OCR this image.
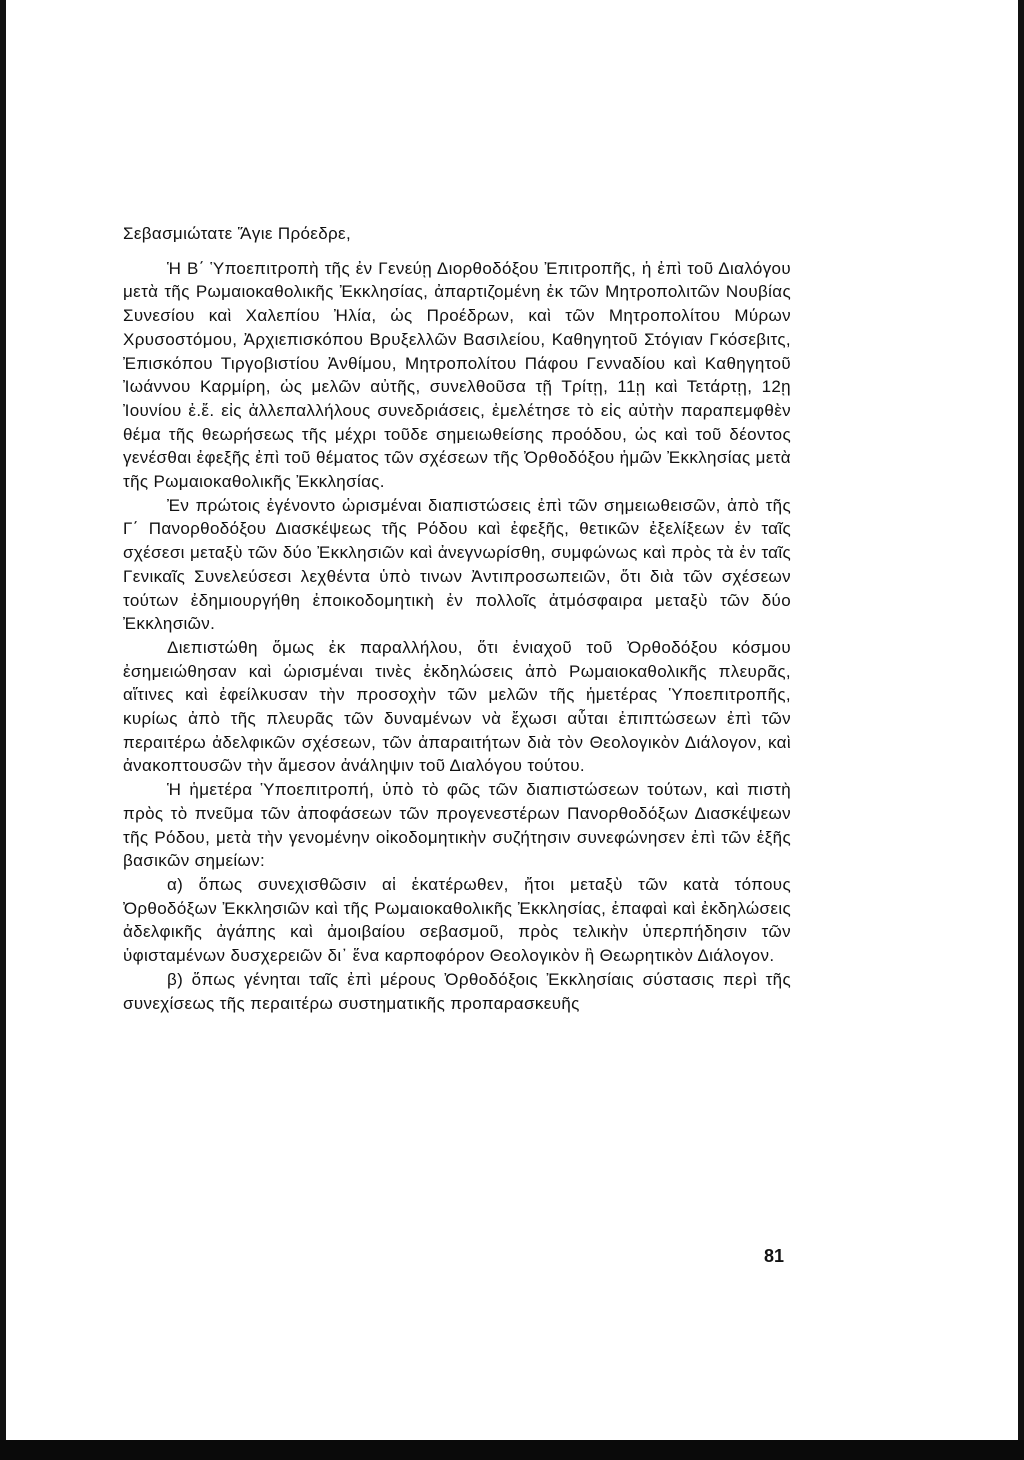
Σεβασμιώτατε Ἅγιε Πρόεδρε,

Ἡ Β΄ Ὑποεπιτροπὴ τῆς ἐν Γενεύῃ Διορθοδόξου Ἐπιτροπῆς, ἡ ἐπὶ τοῦ Διαλόγου μετὰ τῆς Ρωμαιοκαθολικῆς Ἐκκλησίας, ἀπαρτιζομένη ἐκ τῶν Μητροπολιτῶν Νουβίας Συνεσίου καὶ Χαλεπίου Ἠλία, ὡς Προέδρων, καὶ τῶν Μητροπολίτου Μύρων Χρυσοστόμου, Ἀρχιεπισκόπου Βρυξελλῶν Βασιλείου, Καθηγητοῦ Στόγιαν Γκόσεβιτς, Ἐπισκόπου Τιργοβιστίου Ἀνθίμου, Μητροπολίτου Πάφου Γενναδίου καὶ Καθηγητοῦ Ἰωάννου Καρμίρη, ὡς μελῶν αὐτῆς, συνελθοῦσα τῇ Τρίτῃ, 11ῃ καὶ Τετάρτῃ, 12ῃ Ἰουνίου ἐ.ἔ. εἰς ἀλλεπαλλήλους συνεδριάσεις, ἐμελέτησε τὸ εἰς αὐτὴν παραπεμφθὲν θέμα τῆς θεωρήσεως τῆς μέχρι τοῦδε σημειωθείσης προόδου, ὡς καὶ τοῦ δέοντος γενέσθαι ἐφεξῆς ἐπὶ τοῦ θέματος τῶν σχέσεων τῆς Ὀρθοδόξου ἡμῶν Ἐκκλησίας μετὰ τῆς Ρωμαιοκαθολικῆς Ἐκκλησίας.

Ἐν πρώτοις ἐγένοντο ὡρισμέναι διαπιστώσεις ἐπὶ τῶν σημειωθεισῶν, ἀπὸ τῆς Γ΄ Πανορθοδόξου Διασκέψεως τῆς Ρόδου καὶ ἐφεξῆς, θετικῶν ἐξελίξεων ἐν ταῖς σχέσεσι μεταξὺ τῶν δύο Ἐκκλησιῶν καὶ ἀνεγνωρίσθη, συμφώνως καὶ πρὸς τὰ ἐν ταῖς Γενικαῖς Συνελεύσεσι λεχθέντα ὑπὸ τινων Ἀντιπροσωπειῶν, ὅτι διὰ τῶν σχέσεων τούτων ἐδημιουργήθη ἐποικοδομητικὴ ἐν πολλοῖς ἀτμόσφαιρα μεταξὺ τῶν δύο Ἐκκλησιῶν.

Διεπιστώθη ὅμως ἐκ παραλλήλου, ὅτι ἐνιαχοῦ τοῦ Ὀρθοδόξου κόσμου ἐσημειώθησαν καὶ ὡρισμέναι τινὲς ἐκδηλώσεις ἀπὸ Ρωμαιοκαθολικῆς πλευρᾶς, αἵτινες καὶ ἐφείλκυσαν τὴν προσοχὴν τῶν μελῶν τῆς ἡμετέρας Ὑποεπιτροπῆς, κυρίως ἀπὸ τῆς πλευρᾶς τῶν δυναμένων νὰ ἔχωσι αὗται ἐπιπτώσεων ἐπὶ τῶν περαιτέρω ἀδελφικῶν σχέσεων, τῶν ἀπαραιτήτων διὰ τὸν Θεολογικὸν Διάλογον, καὶ ἀνακοπτουσῶν τὴν ἄμεσον ἀνάληψιν τοῦ Διαλόγου τούτου.

Ἡ ἡμετέρα Ὑποεπιτροπή, ὑπὸ τὸ φῶς τῶν διαπιστώσεων τούτων, καὶ πιστὴ πρὸς τὸ πνεῦμα τῶν ἀποφάσεων τῶν προγενεστέρων Πανορθοδόξων Διασκέψεων τῆς Ρόδου, μετὰ τὴν γενομένην οἰκοδομητικὴν συζήτησιν συνεφώνησεν ἐπὶ τῶν ἑξῆς βασικῶν σημείων:

α) ὅπως συνεχισθῶσιν αἱ ἑκατέρωθεν, ἤτοι μεταξὺ τῶν κατὰ τόπους Ὀρθοδόξων Ἐκκλησιῶν καὶ τῆς Ρωμαιοκαθολικῆς Ἐκκλησίας, ἐπαφαὶ καὶ ἐκδηλώσεις ἀδελφικῆς ἀγάπης καὶ ἀμοιβαίου σεβασμοῦ, πρὸς τελικὴν ὑπερπήδησιν τῶν ὑφισταμένων δυσχερειῶν δι᾽ ἕνα καρποφόρον Θεολογικὸν ἢ Θεωρητικὸν Διάλογον.

β) ὅπως γένηται ταῖς ἐπὶ μέρους Ὀρθοδόξοις Ἐκκλησίαις σύστασις περὶ τῆς συνεχίσεως τῆς περαιτέρω συστηματικῆς προπαρασκευῆς

81
